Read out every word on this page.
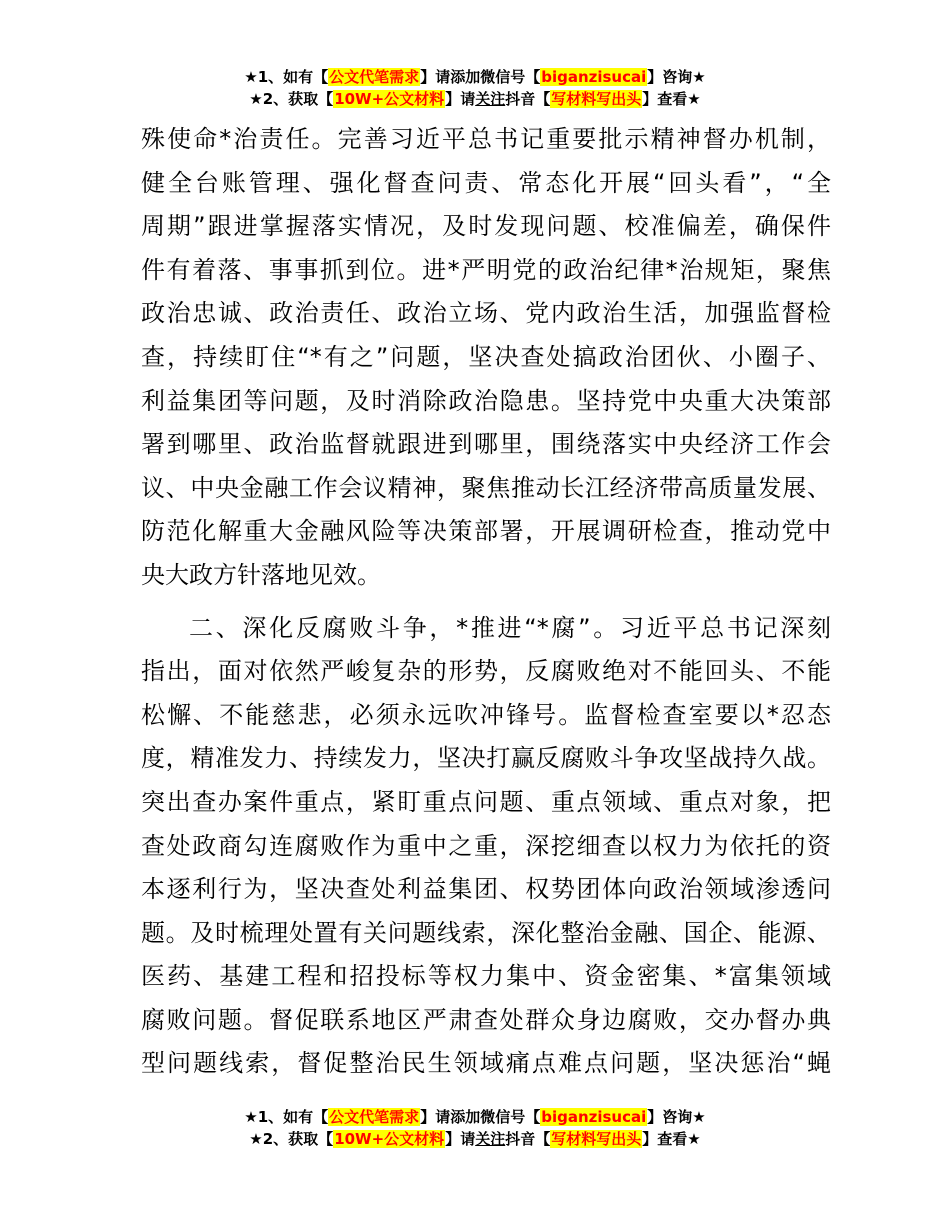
★1、如有【公文代笔需求】请添加微信号【biganzisucai】咨询★
★2、获取【10W+公文材料】请关注抖音【写材料写出头】查看★

殊使命*治责任。完善习近平总书记重要批示精神督办机制，
健全台账管理、强化督查问责、常态化开展“回头看”，“全
周期”跟进掌握落实情况，及时发现问题、校准偏差，确保件
件有着落、事事抓到位。进*严明党的政治纪律*治规矩，聚焦
政治忠诚、政治责任、政治立场、党内政治生活，加强监督检
查，持续盯住“*有之”问题，坚决查处搞政治团伙、小圈子、
利益集团等问题，及时消除政治隐患。坚持党中央重大决策部
署到哪里、政治监督就跟进到哪里，围绕落实中央经济工作会
议、中央金融工作会议精神，聚焦推动长江经济带高质量发展、
防范化解重大金融风险等决策部署，开展调研检查，推动党中
央大政方针落地见效。

二、深化反腐败斗争，*推进“*腐”。习近平总书记深刻
指出，面对依然严峻复杂的形势，反腐败绝对不能回头、不能
松懈、不能慈悲，必须永远吹冲锋号。监督检查室要以*忍态
度，精准发力、持续发力，坚决打赢反腐败斗争攻坚战持久战。
突出查办案件重点，紧盯重点问题、重点领域、重点对象，把
查处政商勾连腐败作为重中之重，深挖细查以权力为依托的资
本逐利行为，坚决查处利益集团、权势团体向政治领域渗透问
题。及时梳理处置有关问题线索，深化整治金融、国企、能源、
医药、基建工程和招投标等权力集中、资金密集、*富集领域
腐败问题。督促联系地区严肃查处群众身边腐败，交办督办典
型问题线索，督促整治民生领域痛点难点问题，坚决惩治“蝇

★1、如有【公文代笔需求】请添加微信号【biganzisucai】咨询★
★2、获取【10W+公文材料】请关注抖音【写材料写出头】查看★
